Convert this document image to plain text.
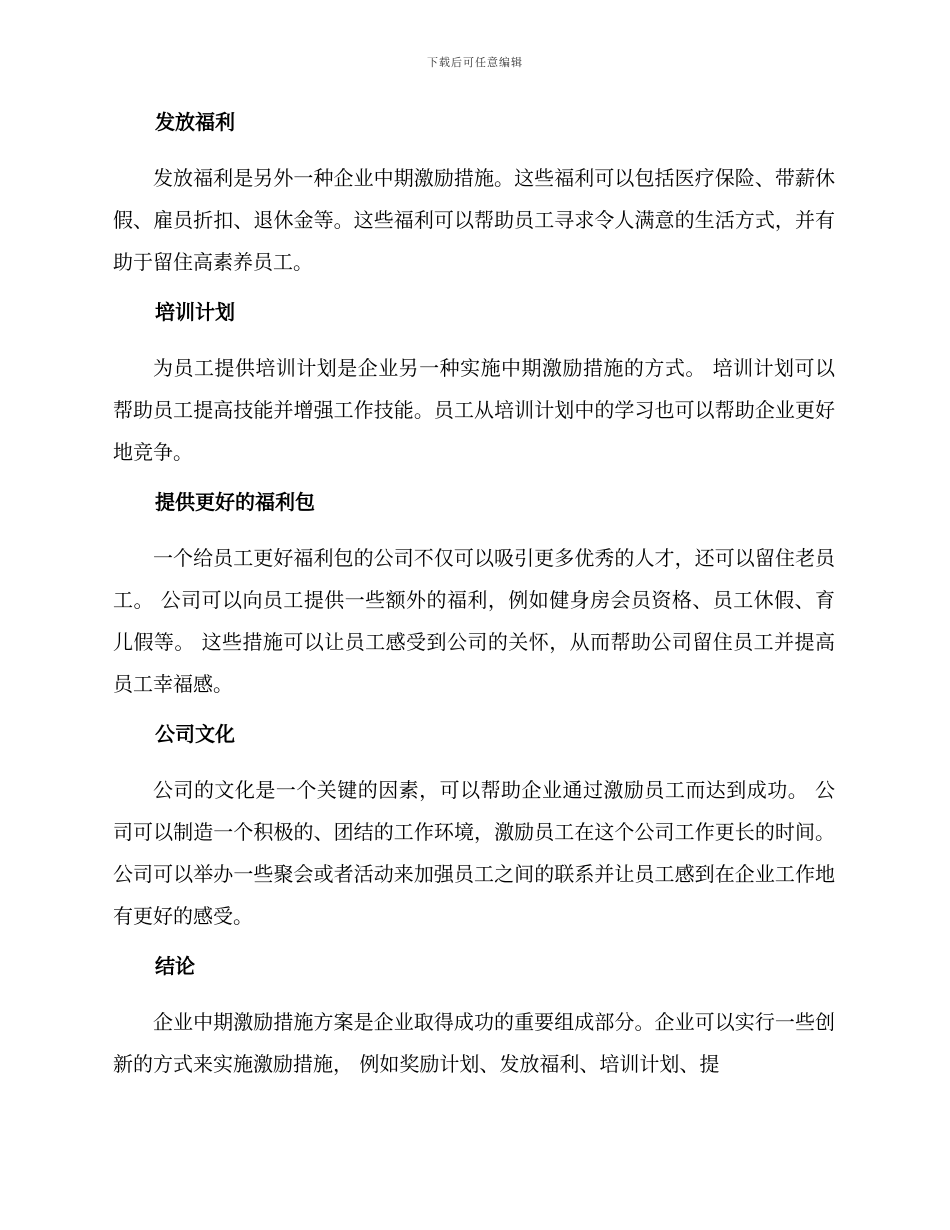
下载后可任意编辑
发放福利

发放福利是另外一种企业中期激励措施。这些福利可以包括医疗保险、带薪休假、雇员折扣、退休金等。这些福利可以帮助员工寻求令人满意的生活方式，并有助于留住高素养员工。

培训计划

为员工提供培训计划是企业另一种实施中期激励措施的方式。 培训计划可以帮助员工提高技能并增强工作技能。员工从培训计划中的学习也可以帮助企业更好地竞争。

提供更好的福利包

一个给员工更好福利包的公司不仅可以吸引更多优秀的人才，还可以留住老员工。 公司可以向员工提供一些额外的福利，例如健身房会员资格、员工休假、育儿假等。 这些措施可以让员工感受到公司的关怀，从而帮助公司留住员工并提高员工幸福感。

公司文化

公司的文化是一个关键的因素，可以帮助企业通过激励员工而达到成功。 公司可以制造一个积极的、团结的工作环境，激励员工在这个公司工作更长的时间。公司可以举办一些聚会或者活动来加强员工之间的联系并让员工感到在企业工作地有更好的感受。

结论

企业中期激励措施方案是企业取得成功的重要组成部分。企业可以实行一些创新的方式来实施激励措施， 例如奖励计划、发放福利、培训计划、提
